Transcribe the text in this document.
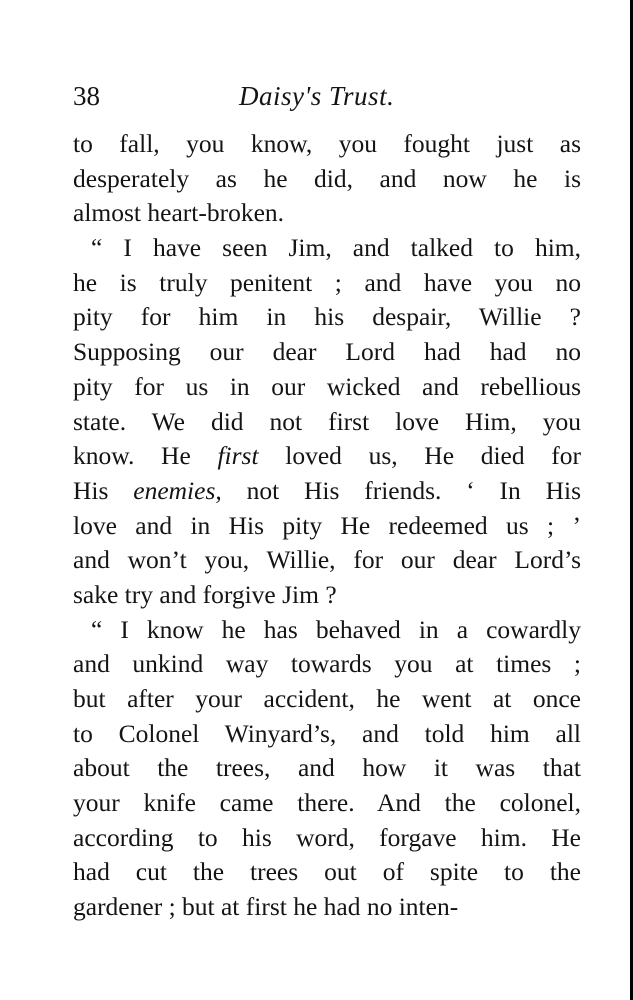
38	Daisy's Trust.
to fall, you know, you fought just as
desperately as he did, and now he is
almost heart-broken.
“ I have seen Jim, and talked to him,
he is truly penitent ; and have you no
pity for him in his despair, Willie ?
Supposing our dear Lord had had no
pity for us in our wicked and rebellious
state. We did not first love Him, you
know. He first loved us, He died for
His enemies, not His friends. ‘ In His
love and in His pity He redeemed us ; ’
and won’t you, Willie, for our dear Lord’s
sake try and forgive Jim ?
“ I know he has behaved in a cowardly
and unkind way towards you at times ;
but after your accident, he went at once
to Colonel Winyard’s, and told him all
about the trees, and how it was that
your knife came there. And the colonel,
according to his word, forgave him. He
had cut the trees out of spite to the
gardener ; but at first he had no inten-
